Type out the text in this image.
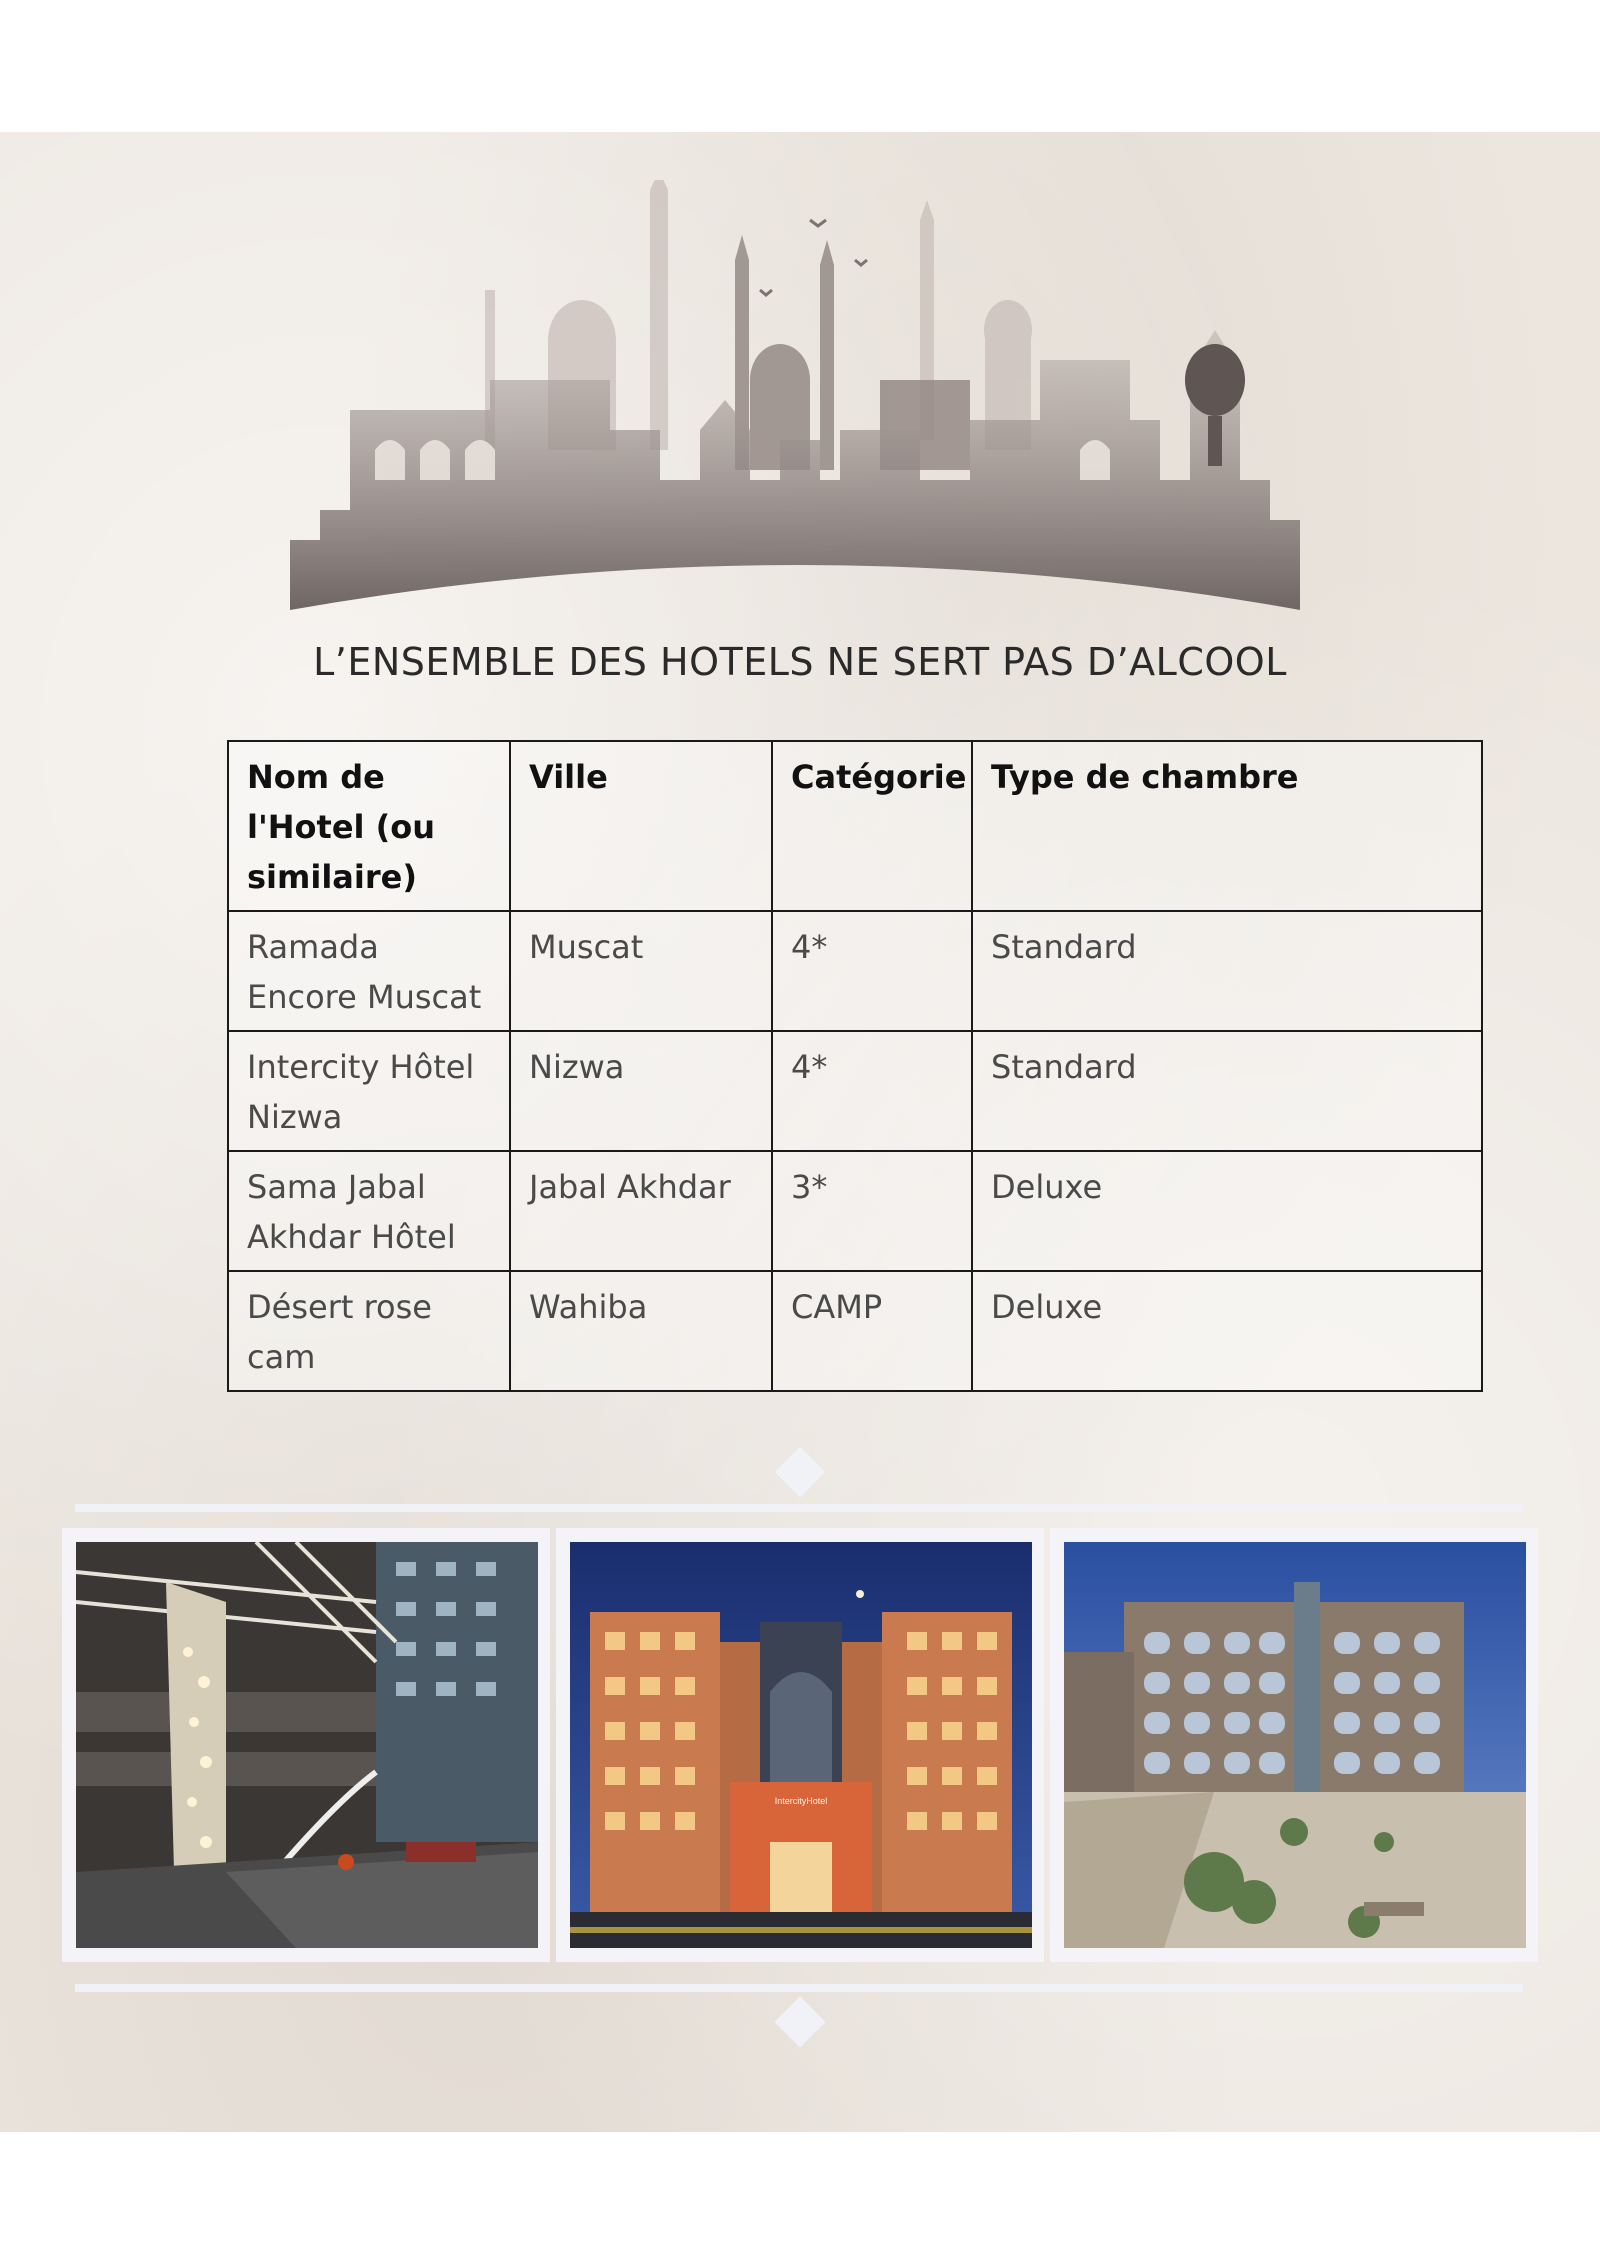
L’ENSEMBLE DES HOTELS NE SERT PAS D’ALCOOL
Nom de l'Hotel (ou similaire)	Ville	Catégorie	Type de chambre
Ramada Encore Muscat	Muscat	4*	Standard
Intercity Hôtel Nizwa	Nizwa	4*	Standard
Sama Jabal Akhdar Hôtel	Jabal Akhdar	3*	Deluxe
Désert rose cam	Wahiba	CAMP	Deluxe
IntercityHotel
